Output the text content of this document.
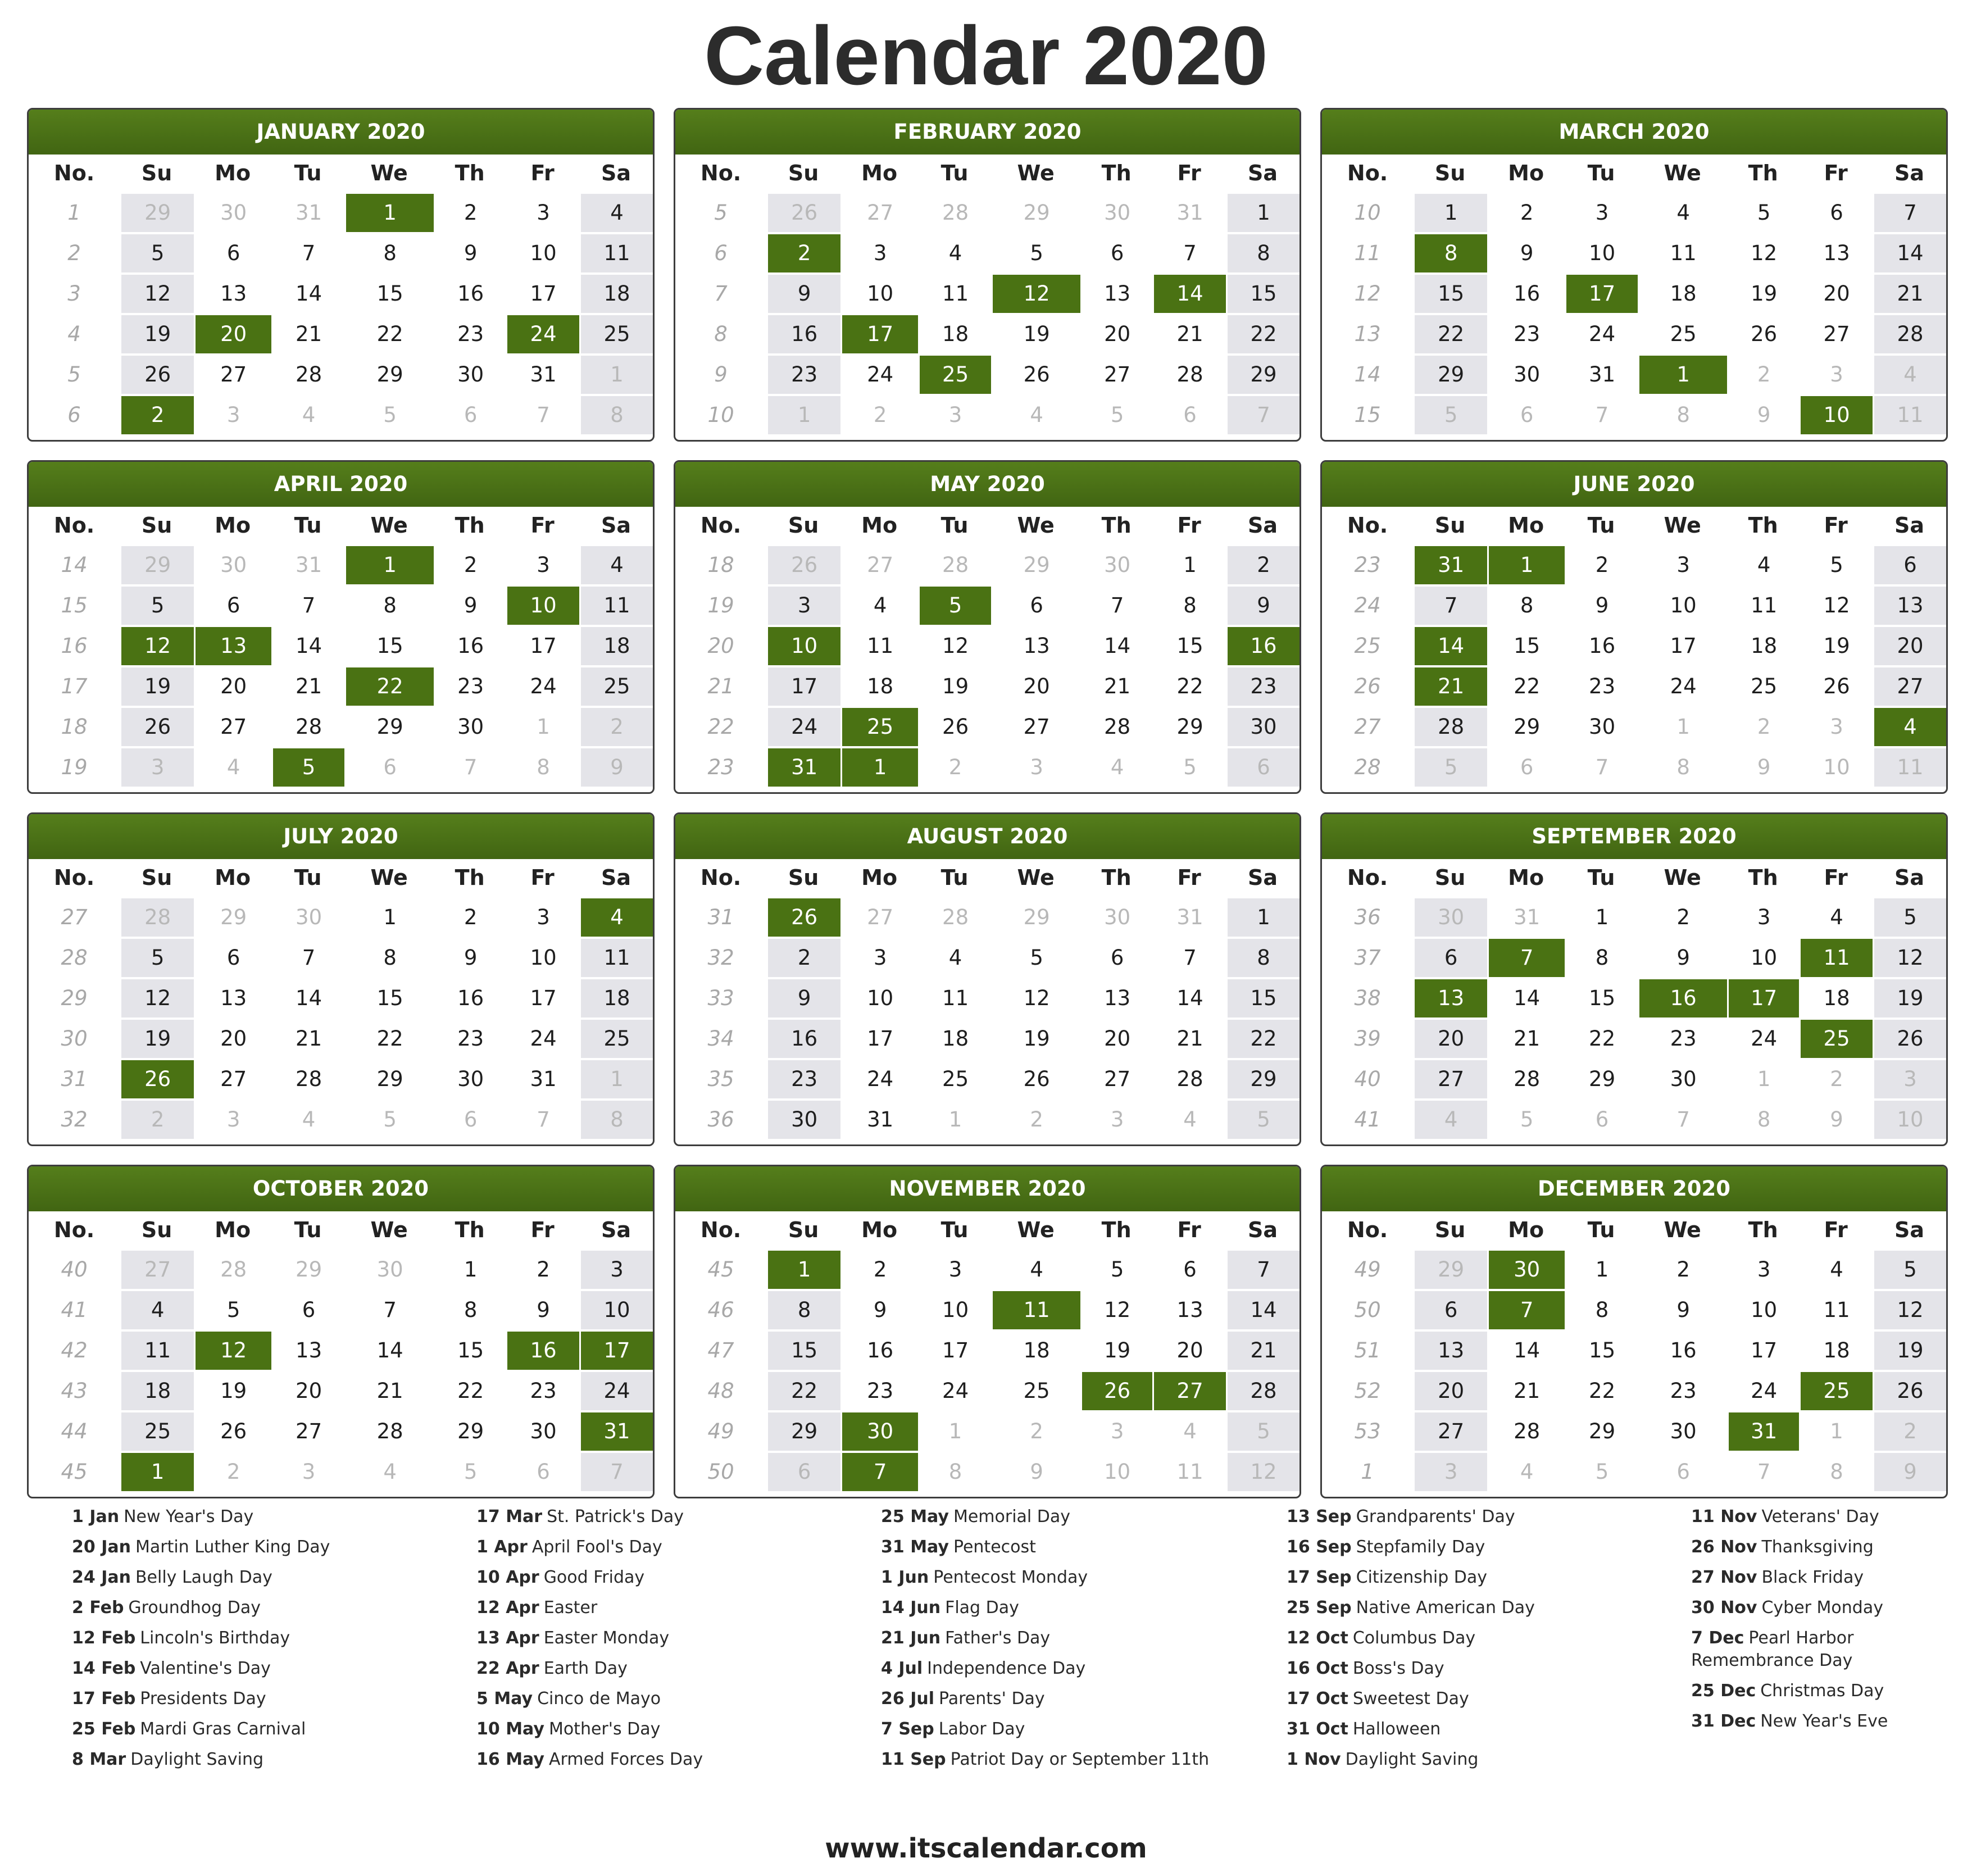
Calendar 2020
JANUARY 2020
No.	Su	Mo	Tu	We	Th	Fr	Sa
1	29	30	31	1	2	3	4
2	5	6	7	8	9	10	11
3	12	13	14	15	16	17	18
4	19	20	21	22	23	24	25
5	26	27	28	29	30	31	1
6	2	3	4	5	6	7	8
FEBRUARY 2020
No.	Su	Mo	Tu	We	Th	Fr	Sa
5	26	27	28	29	30	31	1
6	2	3	4	5	6	7	8
7	9	10	11	12	13	14	15
8	16	17	18	19	20	21	22
9	23	24	25	26	27	28	29
10	1	2	3	4	5	6	7
MARCH 2020
No.	Su	Mo	Tu	We	Th	Fr	Sa
10	1	2	3	4	5	6	7
11	8	9	10	11	12	13	14
12	15	16	17	18	19	20	21
13	22	23	24	25	26	27	28
14	29	30	31	1	2	3	4
15	5	6	7	8	9	10	11
APRIL 2020
No.	Su	Mo	Tu	We	Th	Fr	Sa
14	29	30	31	1	2	3	4
15	5	6	7	8	9	10	11
16	12	13	14	15	16	17	18
17	19	20	21	22	23	24	25
18	26	27	28	29	30	1	2
19	3	4	5	6	7	8	9
MAY 2020
No.	Su	Mo	Tu	We	Th	Fr	Sa
18	26	27	28	29	30	1	2
19	3	4	5	6	7	8	9
20	10	11	12	13	14	15	16
21	17	18	19	20	21	22	23
22	24	25	26	27	28	29	30
23	31	1	2	3	4	5	6
JUNE 2020
No.	Su	Mo	Tu	We	Th	Fr	Sa
23	31	1	2	3	4	5	6
24	7	8	9	10	11	12	13
25	14	15	16	17	18	19	20
26	21	22	23	24	25	26	27
27	28	29	30	1	2	3	4
28	5	6	7	8	9	10	11
JULY 2020
No.	Su	Mo	Tu	We	Th	Fr	Sa
27	28	29	30	1	2	3	4
28	5	6	7	8	9	10	11
29	12	13	14	15	16	17	18
30	19	20	21	22	23	24	25
31	26	27	28	29	30	31	1
32	2	3	4	5	6	7	8
AUGUST 2020
No.	Su	Mo	Tu	We	Th	Fr	Sa
31	26	27	28	29	30	31	1
32	2	3	4	5	6	7	8
33	9	10	11	12	13	14	15
34	16	17	18	19	20	21	22
35	23	24	25	26	27	28	29
36	30	31	1	2	3	4	5
SEPTEMBER 2020
No.	Su	Mo	Tu	We	Th	Fr	Sa
36	30	31	1	2	3	4	5
37	6	7	8	9	10	11	12
38	13	14	15	16	17	18	19
39	20	21	22	23	24	25	26
40	27	28	29	30	1	2	3
41	4	5	6	7	8	9	10
OCTOBER 2020
No.	Su	Mo	Tu	We	Th	Fr	Sa
40	27	28	29	30	1	2	3
41	4	5	6	7	8	9	10
42	11	12	13	14	15	16	17
43	18	19	20	21	22	23	24
44	25	26	27	28	29	30	31
45	1	2	3	4	5	6	7
NOVEMBER 2020
No.	Su	Mo	Tu	We	Th	Fr	Sa
45	1	2	3	4	5	6	7
46	8	9	10	11	12	13	14
47	15	16	17	18	19	20	21
48	22	23	24	25	26	27	28
49	29	30	1	2	3	4	5
50	6	7	8	9	10	11	12
DECEMBER 2020
No.	Su	Mo	Tu	We	Th	Fr	Sa
49	29	30	1	2	3	4	5
50	6	7	8	9	10	11	12
51	13	14	15	16	17	18	19
52	20	21	22	23	24	25	26
53	27	28	29	30	31	1	2
1	3	4	5	6	7	8	9
1 Jan New Year's Day
20 Jan Martin Luther King Day
24 Jan Belly Laugh Day
2 Feb Groundhog Day
12 Feb Lincoln's Birthday
14 Feb Valentine's Day
17 Feb Presidents Day
25 Feb Mardi Gras Carnival
8 Mar Daylight Saving
17 Mar St. Patrick's Day
1 Apr April Fool's Day
10 Apr Good Friday
12 Apr Easter
13 Apr Easter Monday
22 Apr Earth Day
5 May Cinco de Mayo
10 May Mother's Day
16 May Armed Forces Day
25 May Memorial Day
31 May Pentecost
1 Jun Pentecost Monday
14 Jun Flag Day
21 Jun Father's Day
4 Jul Independence Day
26 Jul Parents' Day
7 Sep Labor Day
11 Sep Patriot Day or September 11th
13 Sep Grandparents' Day
16 Sep Stepfamily Day
17 Sep Citizenship Day
25 Sep Native American Day
12 Oct Columbus Day
16 Oct Boss's Day
17 Oct Sweetest Day
31 Oct Halloween
1 Nov Daylight Saving
11 Nov Veterans' Day
26 Nov Thanksgiving
27 Nov Black Friday
30 Nov Cyber Monday
7 Dec Pearl Harbor Remembrance Day
25 Dec Christmas Day
31 Dec New Year's Eve
www.itscalendar.com
